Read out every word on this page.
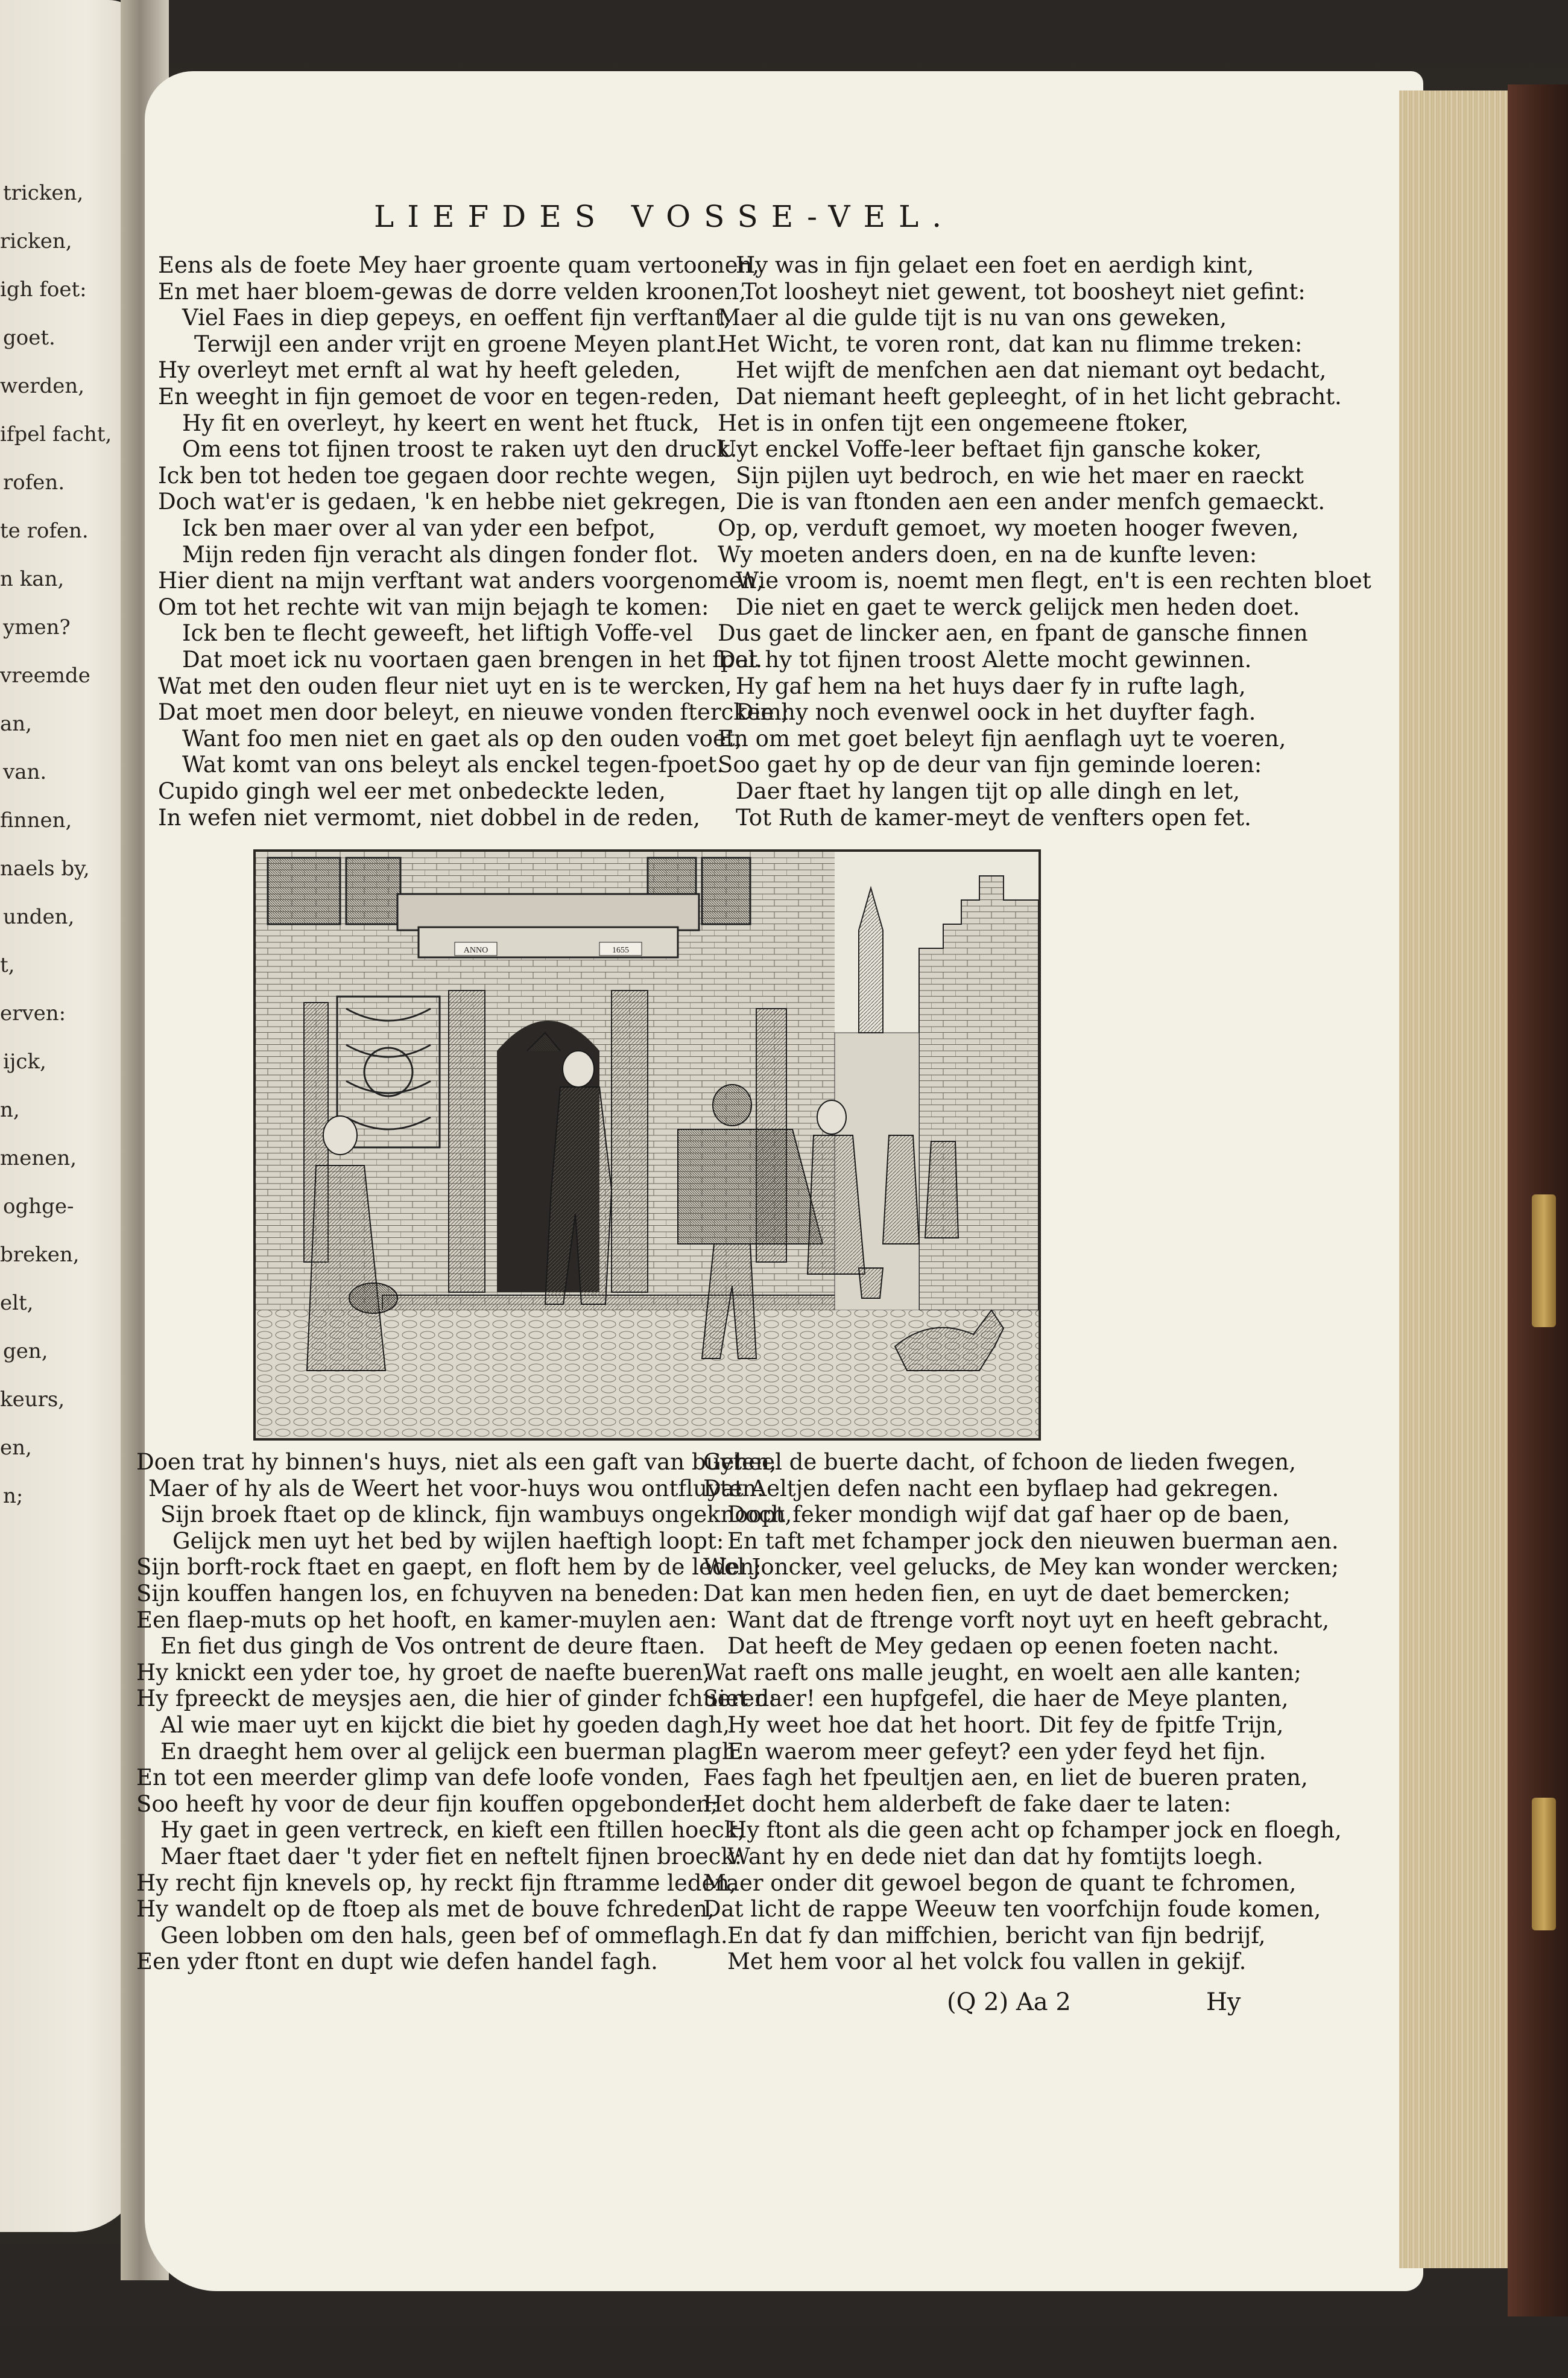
tricken,
ricken,
igh foet:
goet.
werden,
ifpel facht,
rofen.
te rofen.
n kan,
ymen?
vreemde
an,
van.
finnen,
naels by,
unden,
t,
erven:
ijck,
n,
menen,
oghge-
breken,
elt,
gen,
keurs,
en,
n;
LIEFDES VOSSE-VEL.
Eens als de foete Mey haer groente quam vertoonen,
En met haer bloem-gewas de dorre velden kroonen,
Viel Faes in diep gepeys, en oeffent fijn verftant,
Terwijl een ander vrijt en groene Meyen plant.
Hy overleyt met ernft al wat hy heeft geleden,
En weeght in fijn gemoet de voor en tegen-reden,
Hy fit en overleyt, hy keert en went het ftuck,
Om eens tot fijnen troost te raken uyt den druck.
Ick ben tot heden toe gegaen door rechte wegen,
Doch wat'er is gedaen, 'k en hebbe niet gekregen,
Ick ben maer over al van yder een befpot,
Mijn reden fijn veracht als dingen fonder flot.
Hier dient na mijn verftant wat anders voorgenomen,
Om tot het rechte wit van mijn bejagh te komen:
Ick ben te flecht geweeft, het liftigh Voffe-vel
Dat moet ick nu voortaen gaen brengen in het fpel.
Wat met den ouden fleur niet uyt en is te wercken,
Dat moet men door beleyt, en nieuwe vonden fterckem;
Want foo men niet en gaet als op den ouden voet,
Wat komt van ons beleyt als enckel tegen-fpoet.
Cupido gingh wel eer met onbedeckte leden,
In wefen niet vermomt, niet dobbel in de reden,
Hy was in fijn gelaet een foet en aerdigh kint,
Tot loosheyt niet gewent, tot boosheyt niet gefint:
Maer al die gulde tijt is nu van ons geweken,
Het Wicht, te voren ront, dat kan nu flimme treken:
Het wijft de menfchen aen dat niemant oyt bedacht,
Dat niemant heeft gepleeght, of in het licht gebracht.
Het is in onfen tijt een ongemeene ftoker,
Uyt enckel Voffe-leer beftaet fijn gansche koker,
Sijn pijlen uyt bedroch, en wie het maer en raeckt
Die is van ftonden aen een ander menfch gemaeckt.
Op, op, verduft gemoet, wy moeten hooger fweven,
Wy moeten anders doen, en na de kunfte leven:
Wie vroom is, noemt men flegt, en't is een rechten bloet
Die niet en gaet te werck gelijck men heden doet.
Dus gaet de lincker aen, en fpant de gansche finnen
Dat hy tot fijnen troost Alette mocht gewinnen.
Hy gaf hem na het huys daer fy in rufte lagh,
Die hy noch evenwel oock in het duyfter fagh.
En om met goet beleyt fijn aenflagh uyt te voeren,
Soo gaet hy op de deur van fijn geminde loeren:
Daer ftaet hy langen tijt op alle dingh en let,
Tot Ruth de kamer-meyt de venfters open fet.
ANNO	1655
Doen trat hy binnen's huys, niet als een gaft van buyten,
Maer of hy als de Weert het voor-huys wou ontfluyten:
Sijn broek ftaet op de klinck, fijn wambuys ongeknoopt,
Gelijck men uyt het bed by wijlen haeftigh loopt:
Sijn borft-rock ftaet en gaept, en floft hem by de leden:
Sijn kouffen hangen los, en fchuyven na beneden:
Een flaep-muts op het hooft, en kamer-muylen aen:
En fiet dus gingh de Vos ontrent de deure ftaen.
Hy knickt een yder toe, hy groet de naefte bueren,
Hy fpreeckt de meysjes aen, die hier of ginder fchueren:
Al wie maer uyt en kijckt die biet hy goeden dagh,
En draeght hem over al gelijck een buerman plagh.
En tot een meerder glimp van defe loofe vonden,
Soo heeft hy voor de deur fijn kouffen opgebonden;
Hy gaet in geen vertreck, en kieft een ftillen hoeck,
Maer ftaet daer 't yder fiet en neftelt fijnen broeck:
Hy recht fijn knevels op, hy reckt fijn ftramme leden,
Hy wandelt op de ftoep als met de bouve fchreden,
Geen lobben om den hals, geen bef of ommeflagh.
Een yder ftont en dupt wie defen handel fagh.
Geheel de buerte dacht, of fchoon de lieden fwegen,
Dat Aeltjen defen nacht een byflaep had gekregen.
Doch feker mondigh wijf dat gaf haer op de baen,
En taft met fchamper jock den nieuwen buerman aen.
Wel Joncker, veel gelucks, de Mey kan wonder wercken;
Dat kan men heden fien, en uyt de daet bemercken;
Want dat de ftrenge vorft noyt uyt en heeft gebracht,
Dat heeft de Mey gedaen op eenen foeten nacht.
Wat raeft ons malle jeught, en woelt aen alle kanten;
Siet daer! een hupfgefel, die haer de Meye planten,
Hy weet hoe dat het hoort. Dit fey de fpitfe Trijn,
En waerom meer gefeyt? een yder feyd het fijn.
Faes fagh het fpeultjen aen, en liet de bueren praten,
Het docht hem alderbeft de fake daer te laten:
Hy ftont als die geen acht op fchamper jock en floegh,
Want hy en dede niet dan dat hy fomtijts loegh.
Maer onder dit gewoel begon de quant te fchromen,
Dat licht de rappe Weeuw ten voorfchijn foude komen,
En dat fy dan miffchien, bericht van fijn bedrijf,
Met hem voor al het volck fou vallen in gekijf.
(Q 2) Aa 2	Hy
